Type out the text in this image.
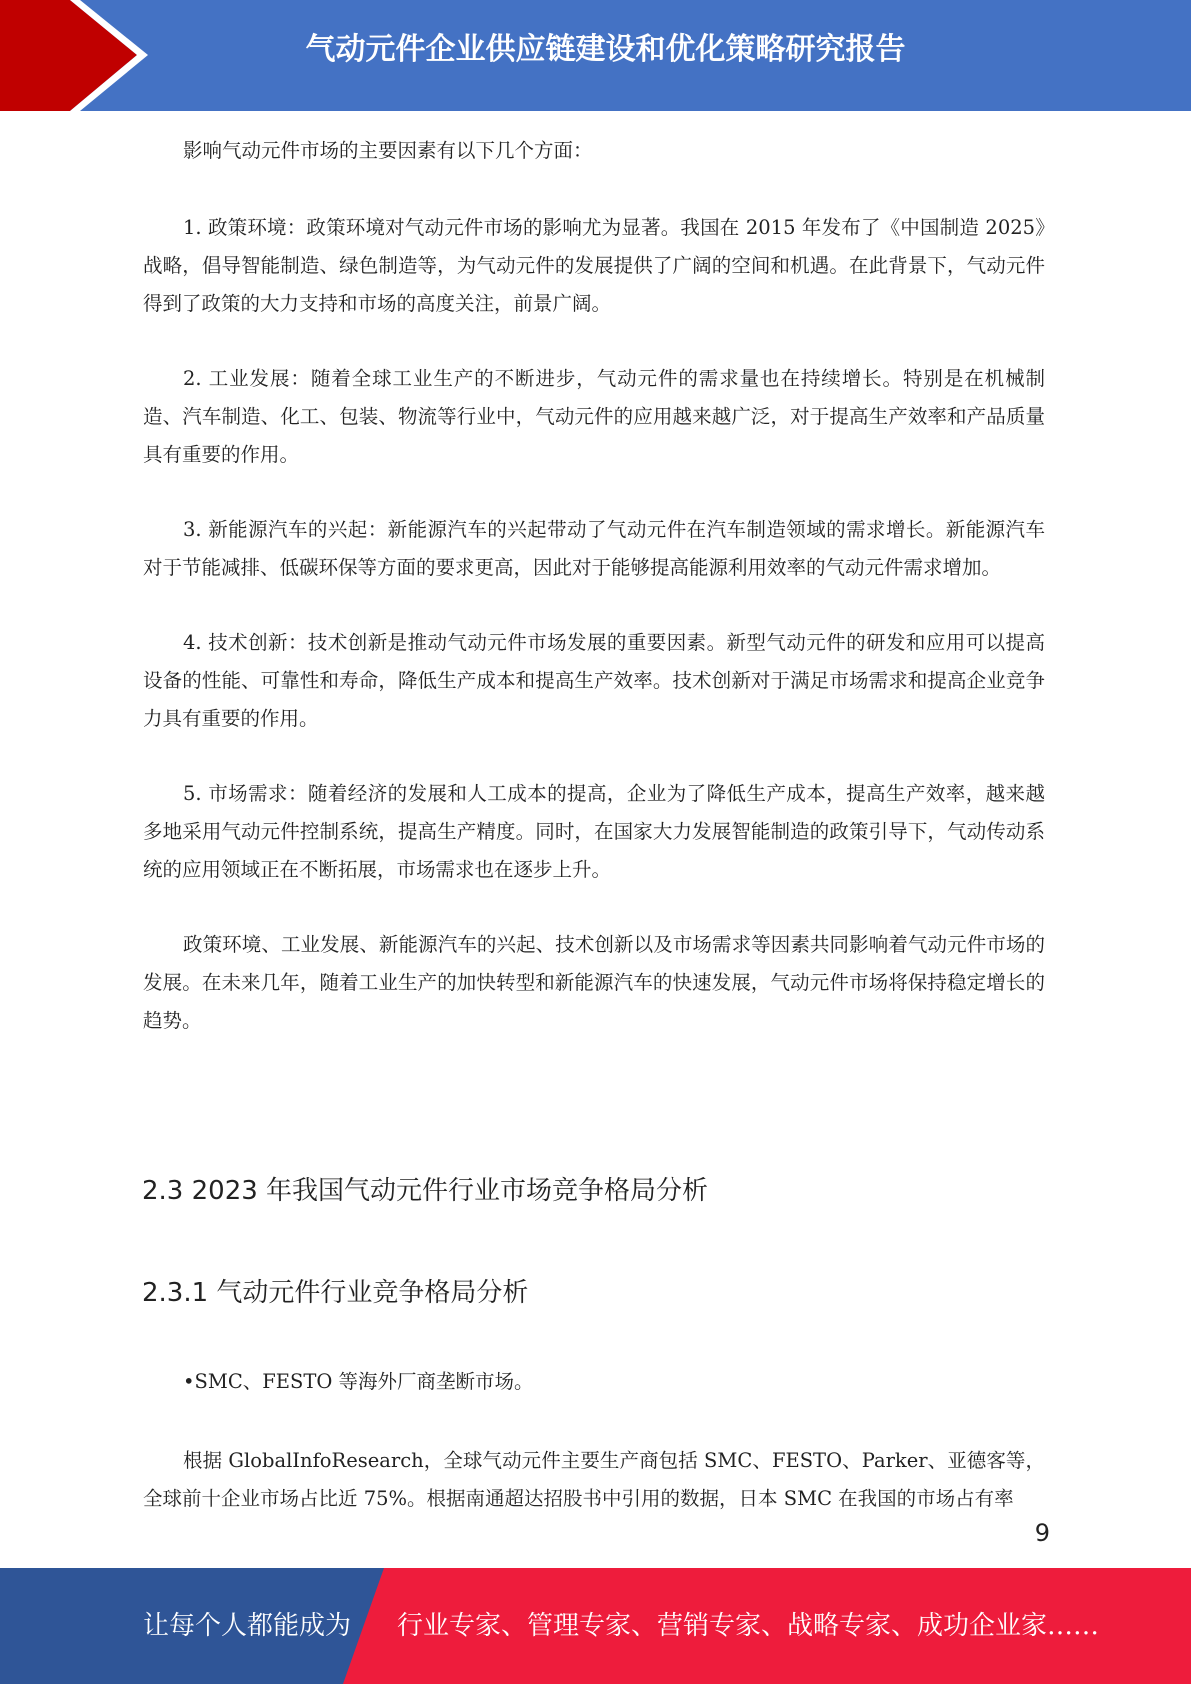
气动元件企业供应链建设和优化策略研究报告

影响气动元件市场的主要因素有以下几个方面：

1. 政策环境：政策环境对气动元件市场的影响尤为显著。我国在 2015 年发布了《中国制造 2025》战略，倡导智能制造、绿色制造等，为气动元件的发展提供了广阔的空间和机遇。在此背景下，气动元件得到了政策的大力支持和市场的高度关注，前景广阔。

2. 工业发展：随着全球工业生产的不断进步，气动元件的需求量也在持续增长。特别是在机械制造、汽车制造、化工、包装、物流等行业中，气动元件的应用越来越广泛，对于提高生产效率和产品质量具有重要的作用。

3. 新能源汽车的兴起：新能源汽车的兴起带动了气动元件在汽车制造领域的需求增长。新能源汽车对于节能减排、低碳环保等方面的要求更高，因此对于能够提高能源利用效率的气动元件需求增加。

4. 技术创新：技术创新是推动气动元件市场发展的重要因素。新型气动元件的研发和应用可以提高设备的性能、可靠性和寿命，降低生产成本和提高生产效率。技术创新对于满足市场需求和提高企业竞争力具有重要的作用。

5. 市场需求：随着经济的发展和人工成本的提高，企业为了降低生产成本，提高生产效率，越来越多地采用气动元件控制系统，提高生产精度。同时，在国家大力发展智能制造的政策引导下，气动传动系统的应用领域正在不断拓展，市场需求也在逐步上升。

政策环境、工业发展、新能源汽车的兴起、技术创新以及市场需求等因素共同影响着气动元件市场的发展。在未来几年，随着工业生产的加快转型和新能源汽车的快速发展，气动元件市场将保持稳定增长的趋势。

2.3 2023 年我国气动元件行业市场竞争格局分析
2.3.1 气动元件行业竞争格局分析

•SMC、FESTO 等海外厂商垄断市场。

根据 GlobalInfoResearch，全球气动元件主要生产商包括 SMC、FESTO、Parker、亚德客等，全球前十企业市场占比近 75%。根据南通超达招股书中引用的数据，日本 SMC 在我国的市场占有率

9
让每个人都能成为 行业专家、管理专家、营销专家、战略专家、成功企业家……
